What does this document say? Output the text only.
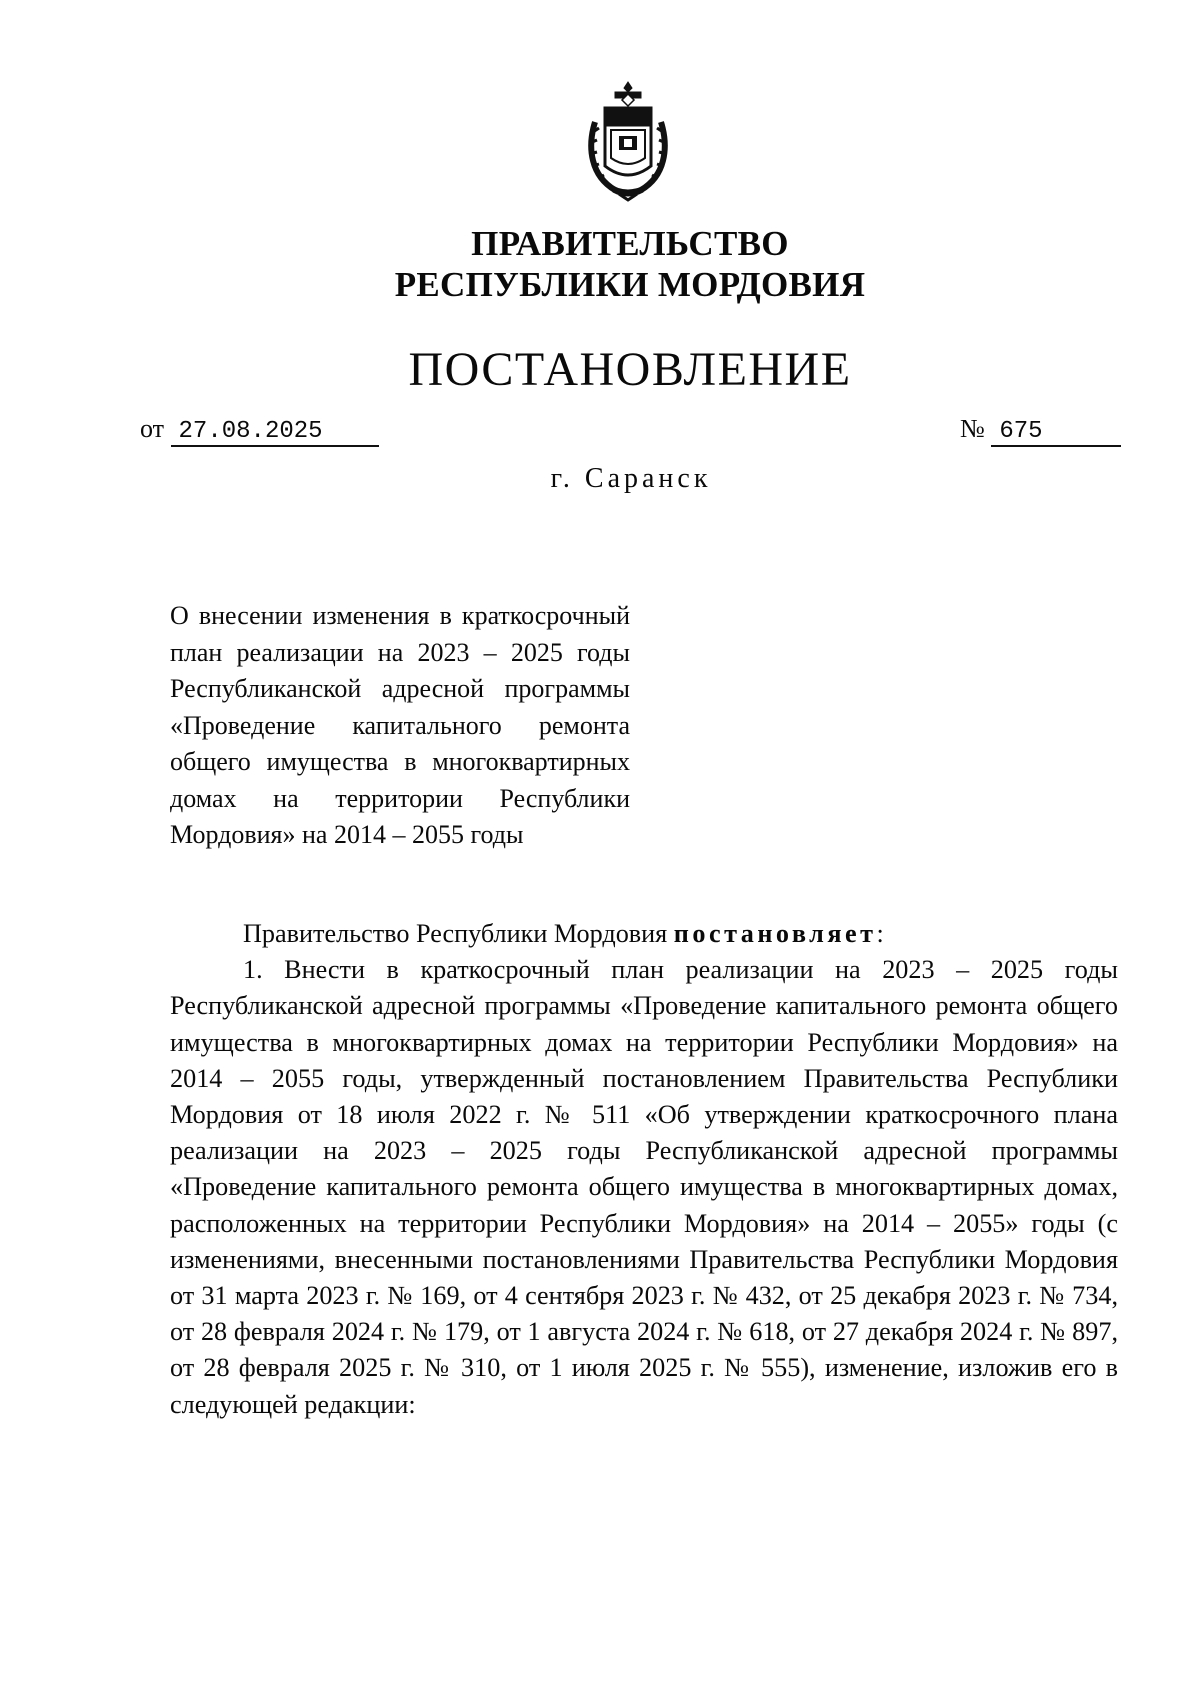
ПРАВИТЕЛЬСТВО
РЕСПУБЛИКИ МОРДОВИЯ
ПОСТАНОВЛЕНИЕ
от 27.08.2025	№ 675
г. Саранск
О внесении изменения в краткосрочный план реализации на 2023 – 2025 годы Республиканской адресной программы «Проведение капитального ремонта общего имущества в многоквартирных домах на территории Республики Мордовия» на 2014 – 2055 годы

Правительство Республики Мордовия постановляет:

1. Внести в краткосрочный план реализации на 2023 – 2025 годы Республиканской адресной программы «Проведение капитального ремонта общего имущества в многоквартирных домах на территории Республики Мордовия» на 2014 – 2055 годы, утвержденный постановлением Правительства Республики Мордовия от 18 июля 2022 г. № 511 «Об утверждении краткосрочного плана реализации на 2023 – 2025 годы Республиканской адресной программы «Проведение капитального ремонта общего имущества в многоквартирных домах, расположенных на территории Республики Мордовия» на 2014 – 2055» годы (с изменениями, внесенными постановлениями Правительства Республики Мордовия от 31 марта 2023 г. № 169, от 4 сентября 2023 г. № 432, от 25 декабря 2023 г. № 734, от 28 февраля 2024 г. № 179, от 1 августа 2024 г. № 618, от 27 декабря 2024 г. № 897, от 28 февраля 2025 г. № 310, от 1 июля 2025 г. № 555), изменение, изложив его в следующей редакции:
